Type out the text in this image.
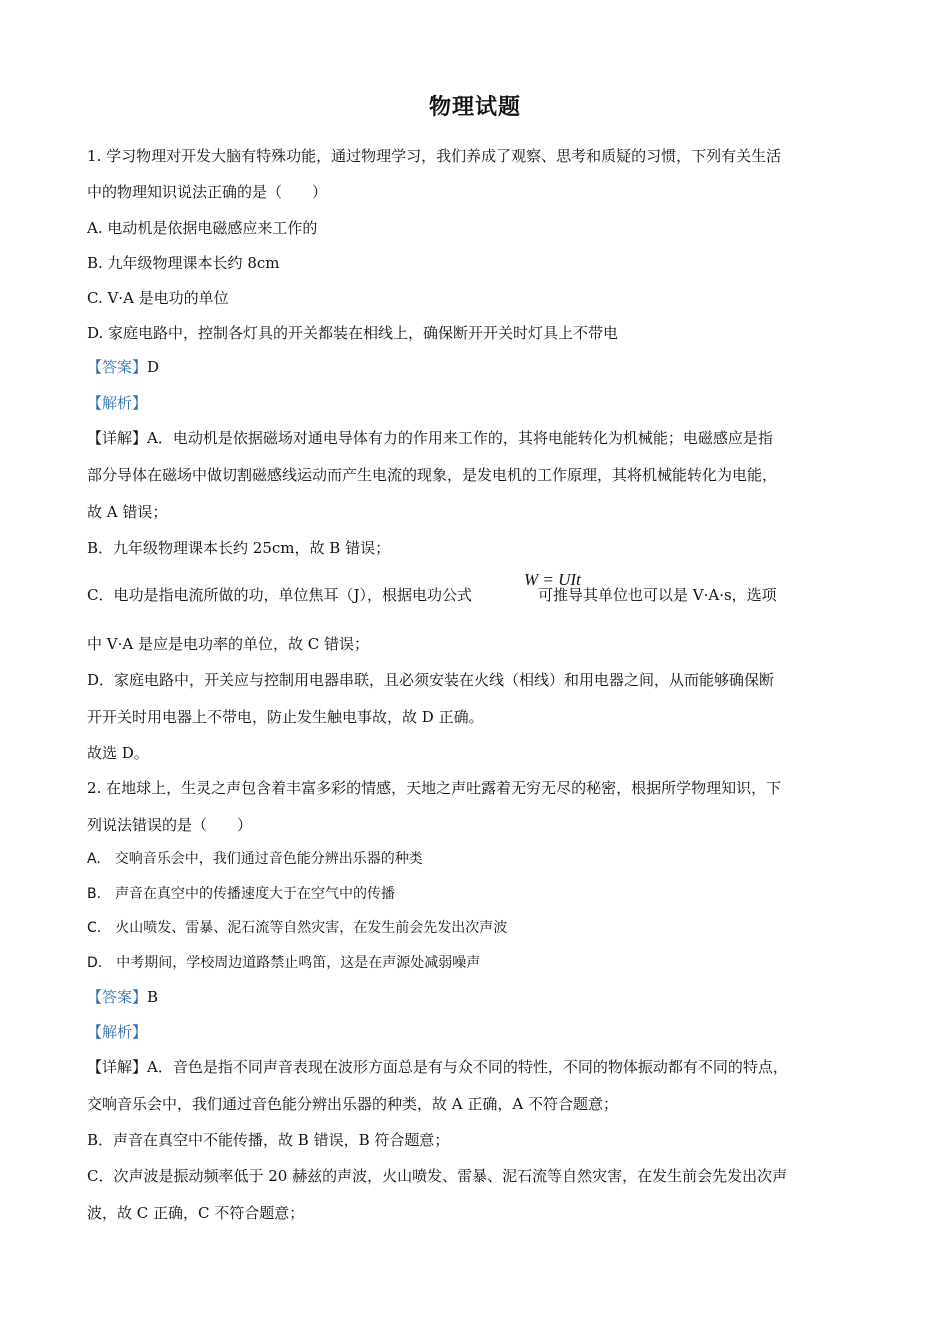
物理试题
1. 学习物理对开发大脑有特殊功能，通过物理学习，我们养成了观察、思考和质疑的习惯，下列有关生活
中的物理知识说法正确的是（　　）
A. 电动机是依据电磁感应来工作的
B. 九年级物理课本长约 8cm
C. V·A 是电功的单位
D. 家庭电路中，控制各灯具的开关都装在相线上，确保断开开关时灯具上不带电
【答案】D
【解析】
【详解】A．电动机是依据磁场对通电导体有力的作用来工作的，其将电能转化为机械能；电磁感应是指
部分导体在磁场中做切割磁感线运动而产生电流的现象，是发电机的工作原理，其将机械能转化为电能，
故 A 错误；
B．九年级物理课本长约 25cm，故 B 错误；
C．电功是指电流所做的功，单位焦耳（J），根据电功公式	可推导其单位也可以是 V·A·s，选项
W = UIt
中 V·A 是应是电功率的单位，故 C 错误；
D．家庭电路中，开关应与控制用电器串联，且必须安装在火线（相线）和用电器之间，从而能够确保断
开开关时用电器上不带电，防止发生触电事故，故 D 正确。
故选 D。
2. 在地球上，生灵之声包含着丰富多彩的情感，天地之声吐露着无穷无尽的秘密，根据所学物理知识，下
列说法错误的是（　　）
A.　交响音乐会中，我们通过音色能分辨出乐器的种类
B.　声音在真空中的传播速度大于在空气中的传播
C.　火山喷发、雷暴、泥石流等自然灾害，在发生前会先发出次声波
D.　中考期间，学校周边道路禁止鸣笛，这是在声源处减弱噪声
【答案】B
【解析】
【详解】A．音色是指不同声音表现在波形方面总是有与众不同的特性，不同的物体振动都有不同的特点，
交响音乐会中，我们通过音色能分辨出乐器的种类，故 A 正确，A 不符合题意；
B．声音在真空中不能传播，故 B 错误，B 符合题意；
C．次声波是振动频率低于 20 赫兹的声波，火山喷发、雷暴、泥石流等自然灾害，在发生前会先发出次声
波，故 C 正确，C 不符合题意；
